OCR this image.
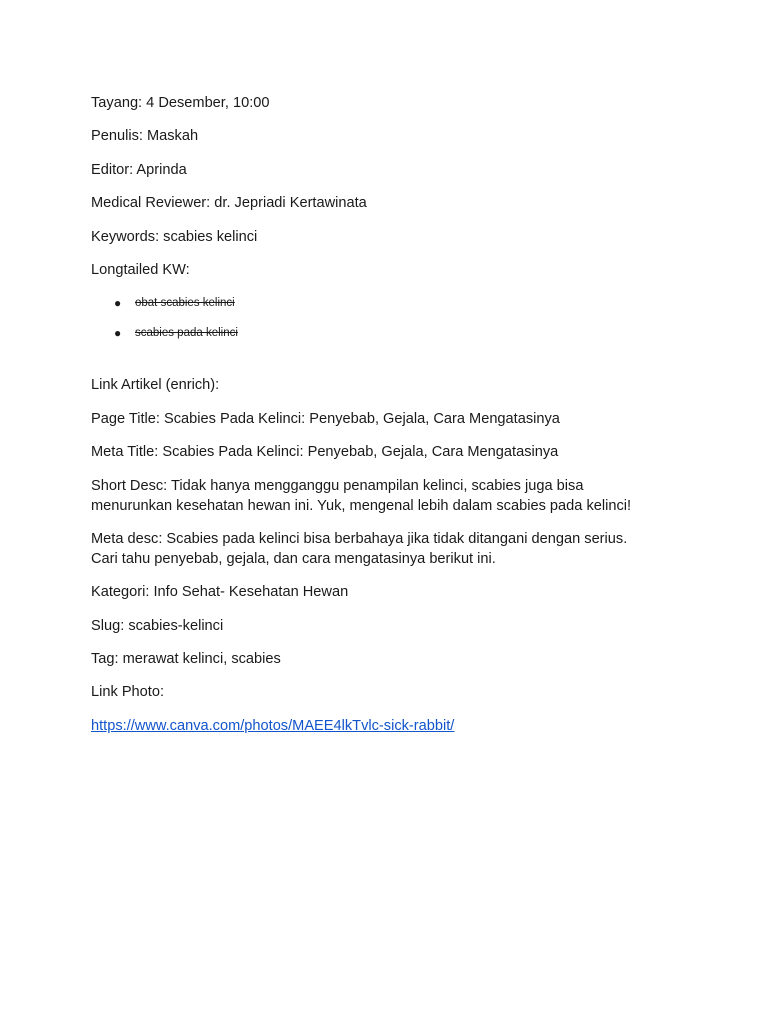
Tayang: 4 Desember, 10:00
Penulis: Maskah
Editor: Aprinda
Medical Reviewer: dr. Jepriadi Kertawinata
Keywords: scabies kelinci
Longtailed KW:
● obat scabies kelinci
● scabies pada kelinci
Link Artikel (enrich):
Page Title: Scabies Pada Kelinci: Penyebab, Gejala, Cara Mengatasinya
Meta Title: Scabies Pada Kelinci: Penyebab, Gejala, Cara Mengatasinya
Short Desc: Tidak hanya mengganggu penampilan kelinci, scabies juga bisa menurunkan kesehatan hewan ini. Yuk, mengenal lebih dalam scabies pada kelinci!
Meta desc: Scabies pada kelinci bisa berbahaya jika tidak ditangani dengan serius. Cari tahu penyebab, gejala, dan cara mengatasinya berikut ini.
Kategori: Info Sehat- Kesehatan Hewan
Slug: scabies-kelinci
Tag: merawat kelinci, scabies
Link Photo:
https://www.canva.com/photos/MAEE4lkTvlc-sick-rabbit/
